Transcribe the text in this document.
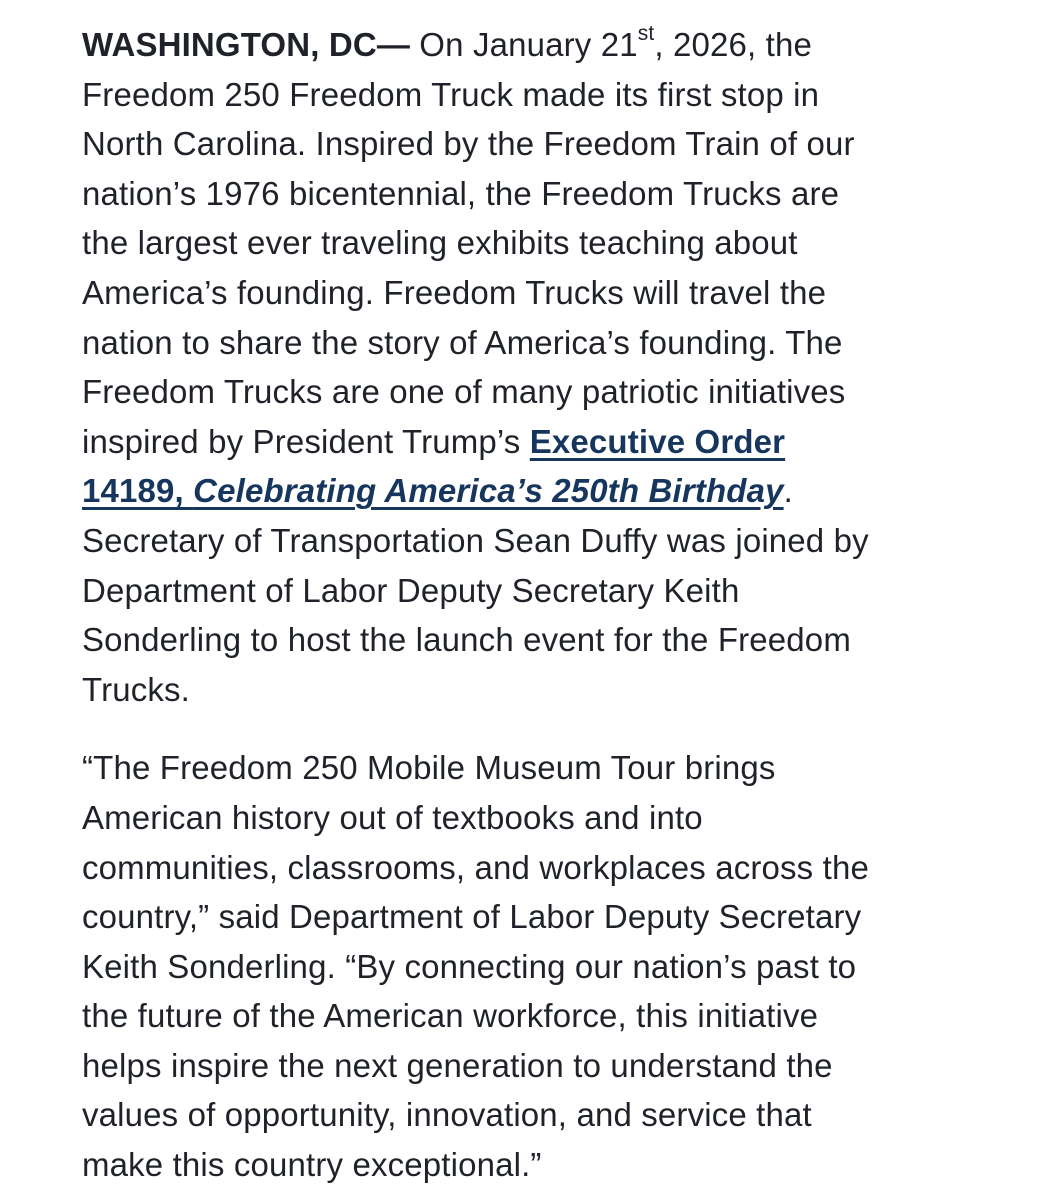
WASHINGTON, DC— On January 21st, 2026, the
Freedom 250 Freedom Truck made its first stop in
North Carolina. Inspired by the Freedom Train of our
nation’s 1976 bicentennial, the Freedom Trucks are
the largest ever traveling exhibits teaching about
America’s founding. Freedom Trucks will travel the
nation to share the story of America’s founding. The
Freedom Trucks are one of many patriotic initiatives
inspired by President Trump’s Executive Order
14189, Celebrating America’s 250th Birthday.
Secretary of Transportation Sean Duffy was joined by
Department of Labor Deputy Secretary Keith
Sonderling to host the launch event for the Freedom
Trucks.

“The Freedom 250 Mobile Museum Tour brings
American history out of textbooks and into
communities, classrooms, and workplaces across the
country,” said Department of Labor Deputy Secretary
Keith Sonderling. “By connecting our nation’s past to
the future of the American workforce, this initiative
helps inspire the next generation to understand the
values of opportunity, innovation, and service that
make this country exceptional.”
